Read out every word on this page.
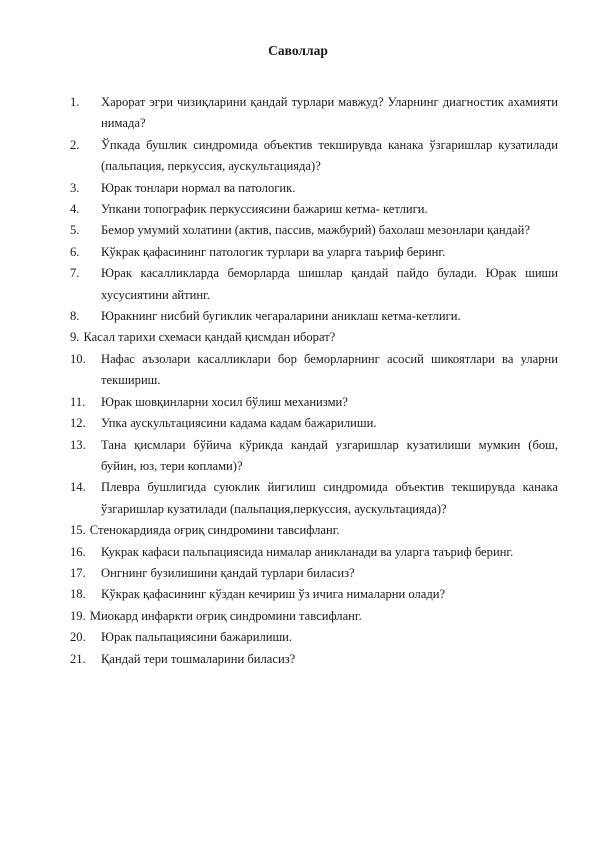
Саволлар
1. Харорат эгри чизиқларини қандай турлари мавжуд? Уларнинг диагностик ахамияти нимада?
2. Ўпкада бушлик синдромида объектив текширувда канака ўзгаришлар кузатилади (пальпация, перкуссия, аускультацияда)?
3. Юрак тонлари нормал ва патологик.
4. Упкани топографик перкуссиясини бажариш кетма- кетлиги.
5. Бемор умумий холатини (актив, пассив, мажбурий) бахолаш мезонлари қандай?
6. Кўкрак қафасининг патологик турлари ва уларга таъриф беринг.
7. Юрак касалликларда беморларда шишлар қандай пайдо булади. Юрак шиши хусусиятини айтинг.
8. Юракнинг нисбий бугиклик чегараларини аниклаш кетма-кетлиги.
9. Касал тарихи схемаси қандай қисмдан иборат?
10. Нафас аъзолари касалликлари бор беморларнинг асосий шикоятлари ва уларни текшириш.
11. Юрак шовқинларни хосил бўлиш механизми?
12. Упка аускультациясини кадама кадам бажарилиши.
13. Тана қисмлари бўйича кўрикда кандай узгаришлар кузатилиши мумкин (бош, буйин, юз, тери коплами)?
14. Плевра бушлигида суюклик йигилиш синдромида объектив текширувда канака ўзгаришлар кузатилади (пальпация,перкуссия, аускультацияда)?
15. Стенокардияда оғриқ синдромини тавсифланг.
16. Кукрак кафаси пальпациясида нималар аникланади ва уларга таъриф беринг.
17. Онгнинг бузилишини қандай турлари биласиз?
18. Кўкрак қафасининг кўздан кечириш ўз ичига нималарни олади?
19. Миокард инфаркти оғриқ синдромини тавсифланг.
20. Юрак пальпациясини бажарилиши.
21. Қандай тери тошмаларини биласиз?
